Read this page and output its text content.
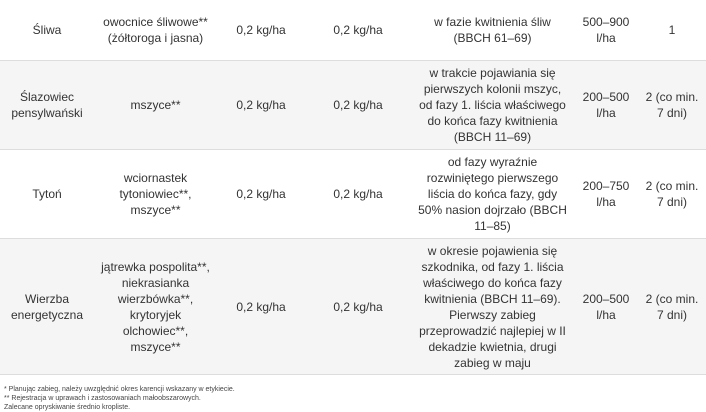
Śliwa	owocnice śliwowe** (żółtoroga i jasna)	0,2 kg/ha	0,2 kg/ha	w fazie kwitnienia śliw (BBCH 61–69)	500–900 l/ha	1
Ślazowiec pensylwański	mszyce**	0,2 kg/ha	0,2 kg/ha	w trakcie pojawiania się pierwszych kolonii mszyc, od fazy 1. liścia właściwego do końca fazy kwitnienia (BBCH 11–69)	200–500 l/ha	2 (co min. 7 dni)
Tytoń	wciornastek tytoniowiec**, mszyce**	0,2 kg/ha	0,2 kg/ha	od fazy wyraźnie rozwiniętego pierwszego liścia do końca fazy, gdy 50% nasion dojrzało (BBCH 11–85)	200–750 l/ha	2 (co min. 7 dni)
Wierzba energetyczna	jątrewka pospolita**, niekrasianka wierzbówka**, krytoryjek olchowiec**, mszyce**	0,2 kg/ha	0,2 kg/ha	w okresie pojawienia się szkodnika, od fazy 1. liścia właściwego do końca fazy kwitnienia (BBCH 11–69). Pierwszy zabieg przeprowadzić najlepiej w II dekadzie kwietnia, drugi zabieg w maju	200–500 l/ha	2 (co min. 7 dni)
* Planując zabieg, należy uwzględnić okres karencji wskazany w etykiecie.
** Rejestracja w uprawach i zastosowaniach małoobszarowych.
Zalecane opryskiwanie średnio kropliste.
